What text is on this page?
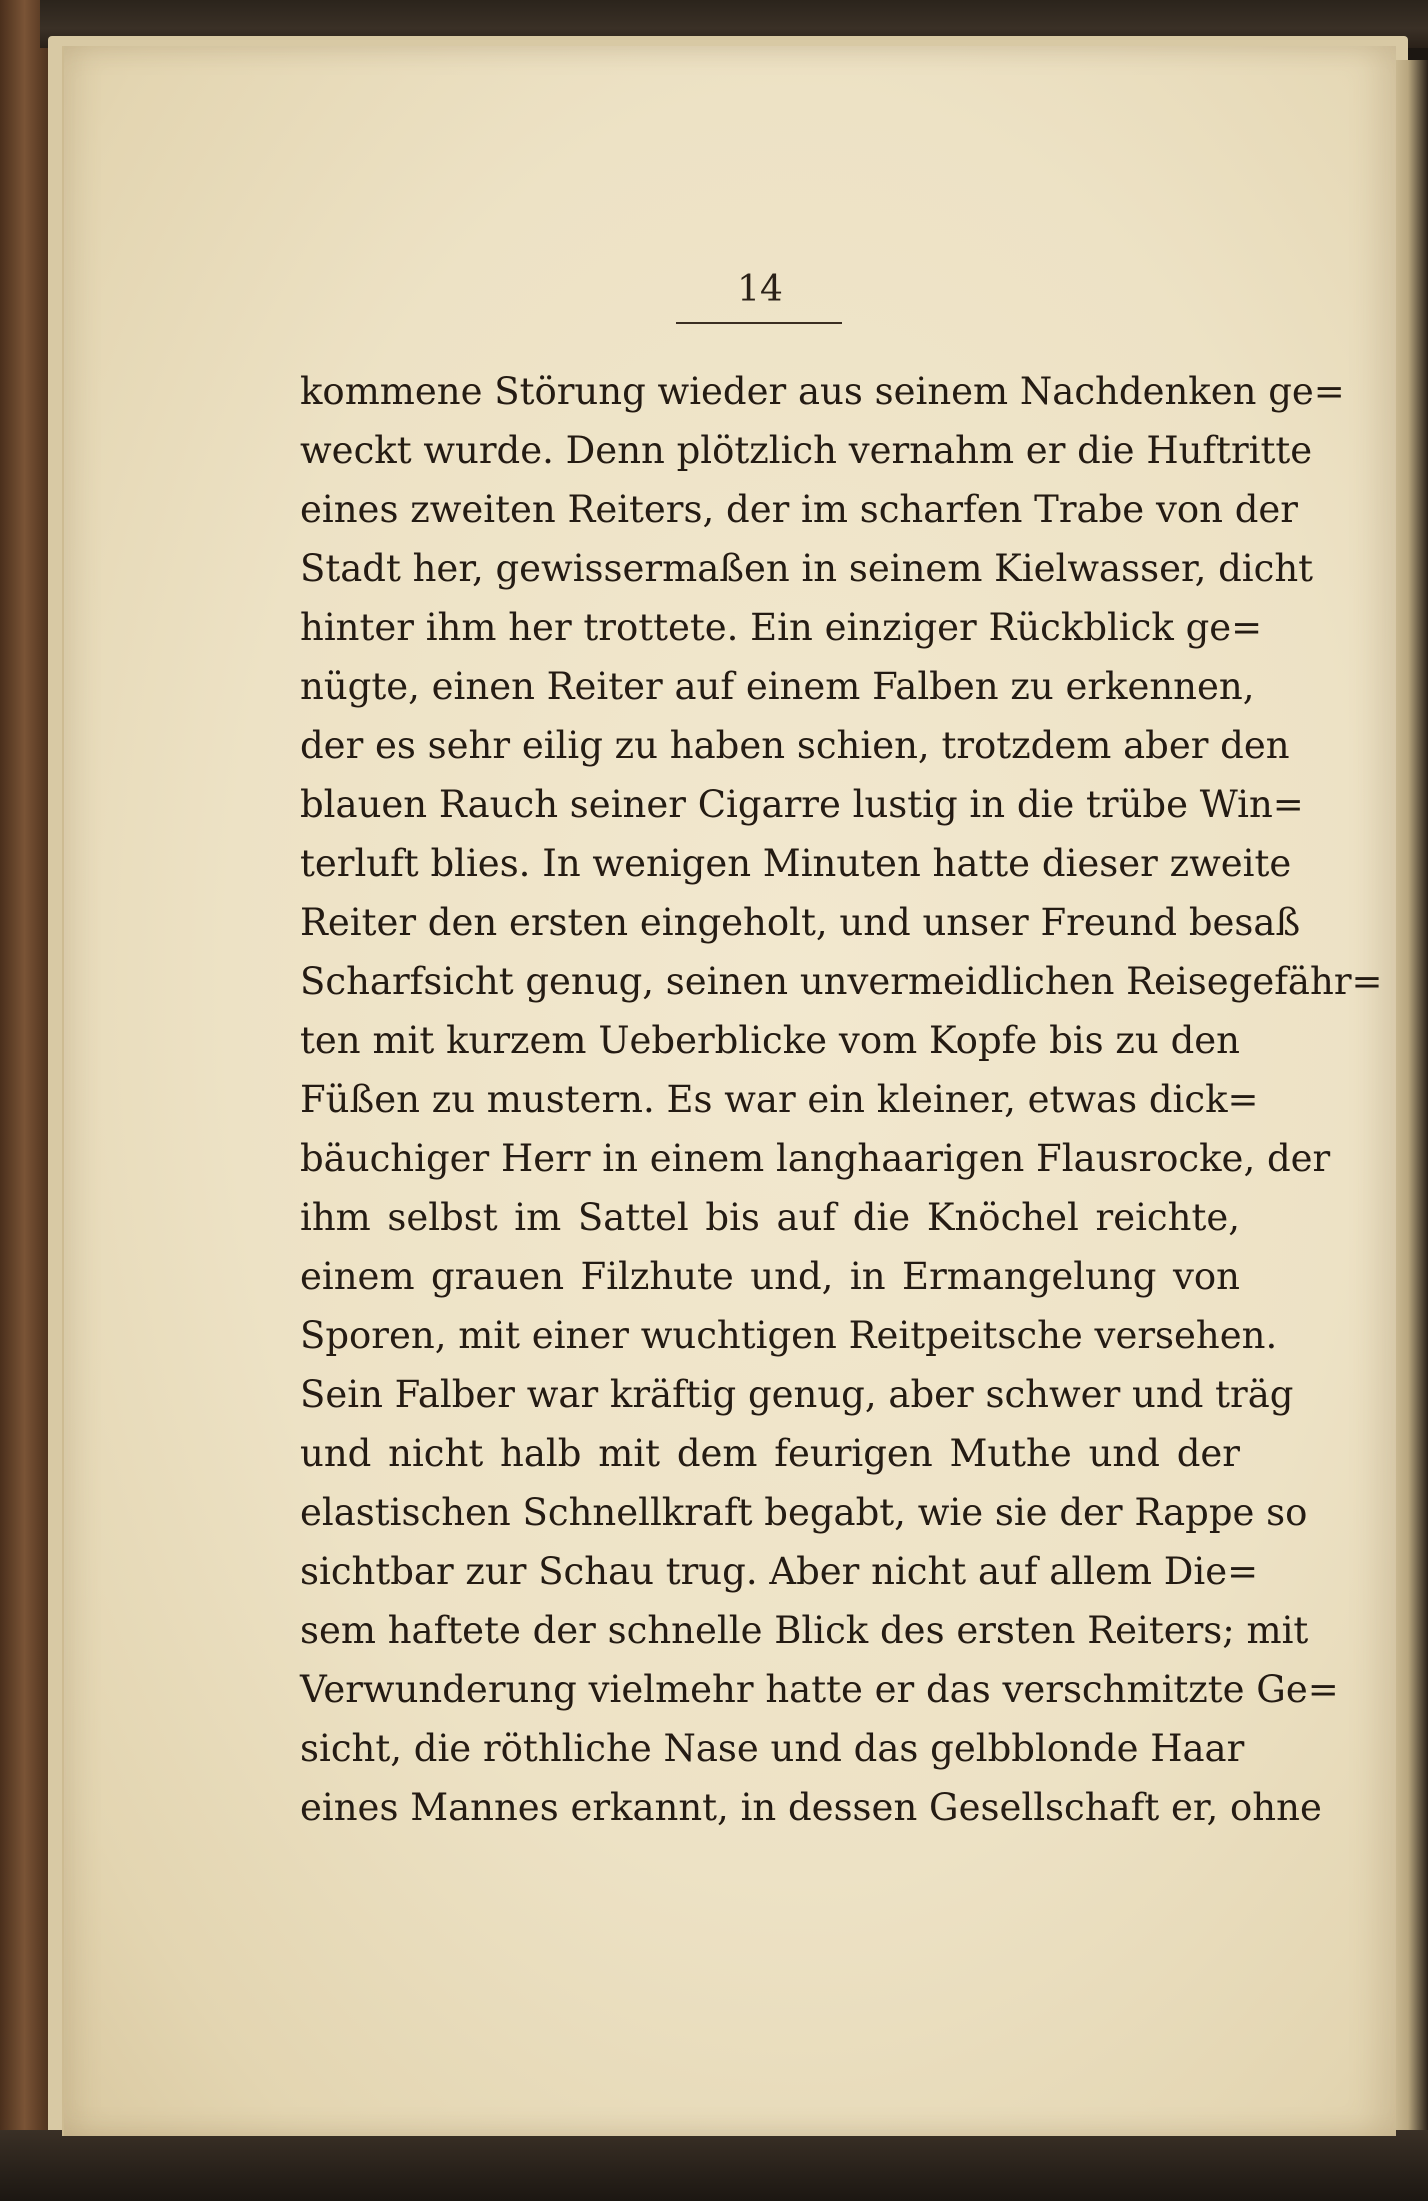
14
kommene Störung wieder aus seinem Nachdenken ge=
weckt wurde. Denn plötzlich vernahm er die Huftritte
eines zweiten Reiters, der im scharfen Trabe von der
Stadt her, gewissermaßen in seinem Kielwasser, dicht
hinter ihm her trottete. Ein einziger Rückblick ge=
nügte, einen Reiter auf einem Falben zu erkennen,
der es sehr eilig zu haben schien, trotzdem aber den
blauen Rauch seiner Cigarre lustig in die trübe Win=
terluft blies. In wenigen Minuten hatte dieser zweite
Reiter den ersten eingeholt, und unser Freund besaß
Scharfsicht genug, seinen unvermeidlichen Reisegefähr=
ten mit kurzem Ueberblicke vom Kopfe bis zu den
Füßen zu mustern. Es war ein kleiner, etwas dick=
bäuchiger Herr in einem langhaarigen Flausrocke, der
ihm selbst im Sattel bis auf die Knöchel reichte,
einem grauen Filzhute und, in Ermangelung von
Sporen, mit einer wuchtigen Reitpeitsche versehen.
Sein Falber war kräftig genug, aber schwer und träg
und nicht halb mit dem feurigen Muthe und der
elastischen Schnellkraft begabt, wie sie der Rappe so
sichtbar zur Schau trug. Aber nicht auf allem Die=
sem haftete der schnelle Blick des ersten Reiters; mit
Verwunderung vielmehr hatte er das verschmitzte Ge=
sicht, die röthliche Nase und das gelbblonde Haar
eines Mannes erkannt, in dessen Gesellschaft er, ohne
